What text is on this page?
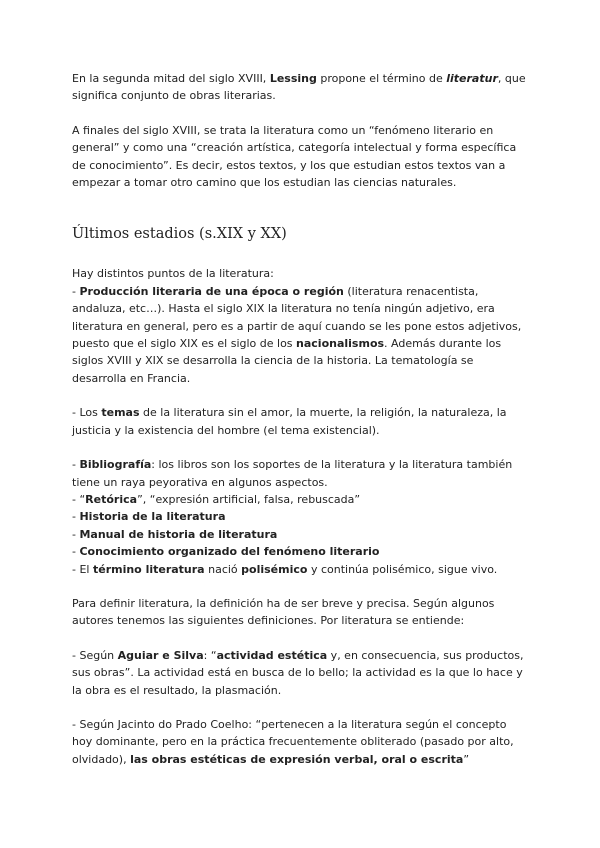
En la segunda mitad del siglo XVIII, Lessing propone el término de literatur, que significa conjunto de obras literarias.

A finales del siglo XVIII, se trata la literatura como un “fenómeno literario en general” y como una “creación artística, categoría intelectual y forma específica de conocimiento”. Es decir, estos textos, y los que estudian estos textos van a empezar a tomar otro camino que los estudian las ciencias naturales.

Últimos estadios (s.XIX y XX)

Hay distintos puntos de la literatura:
- Producción literaria de una época o región (literatura renacentista, andaluza, etc…). Hasta el siglo XIX la literatura no tenía ningún adjetivo, era literatura en general, pero es a partir de aquí cuando se les pone estos adjetivos, puesto que el siglo XIX es el siglo de los nacionalismos. Además durante los siglos XVIII y XIX se desarrolla la ciencia de la historia. La tematología se desarrolla en Francia.

- Los temas de la literatura sin el amor, la muerte, la religión, la naturaleza, la justicia y la existencia del hombre (el tema existencial).

- Bibliografía: los libros son los soportes de la literatura y la literatura también tiene un raya peyorativa en algunos aspectos.
- “Retórica”, “expresión artificial, falsa, rebuscada”
- Historia de la literatura
- Manual de historia de literatura
- Conocimiento organizado del fenómeno literario
- El término literatura nació polisémico y continúa polisémico, sigue vivo.

Para definir literatura, la definición ha de ser breve y precisa. Según algunos autores tenemos las siguientes definiciones. Por literatura se entiende:

- Según Aguiar e Silva: “actividad estética y, en consecuencia, sus productos, sus obras”. La actividad está en busca de lo bello; la actividad es la que lo hace y la obra es el resultado, la plasmación.

- Según Jacinto do Prado Coelho: “pertenecen a la literatura según el concepto hoy dominante, pero en la práctica frecuentemente obliterado (pasado por alto, olvidado), las obras estéticas de expresión verbal, oral o escrita”
